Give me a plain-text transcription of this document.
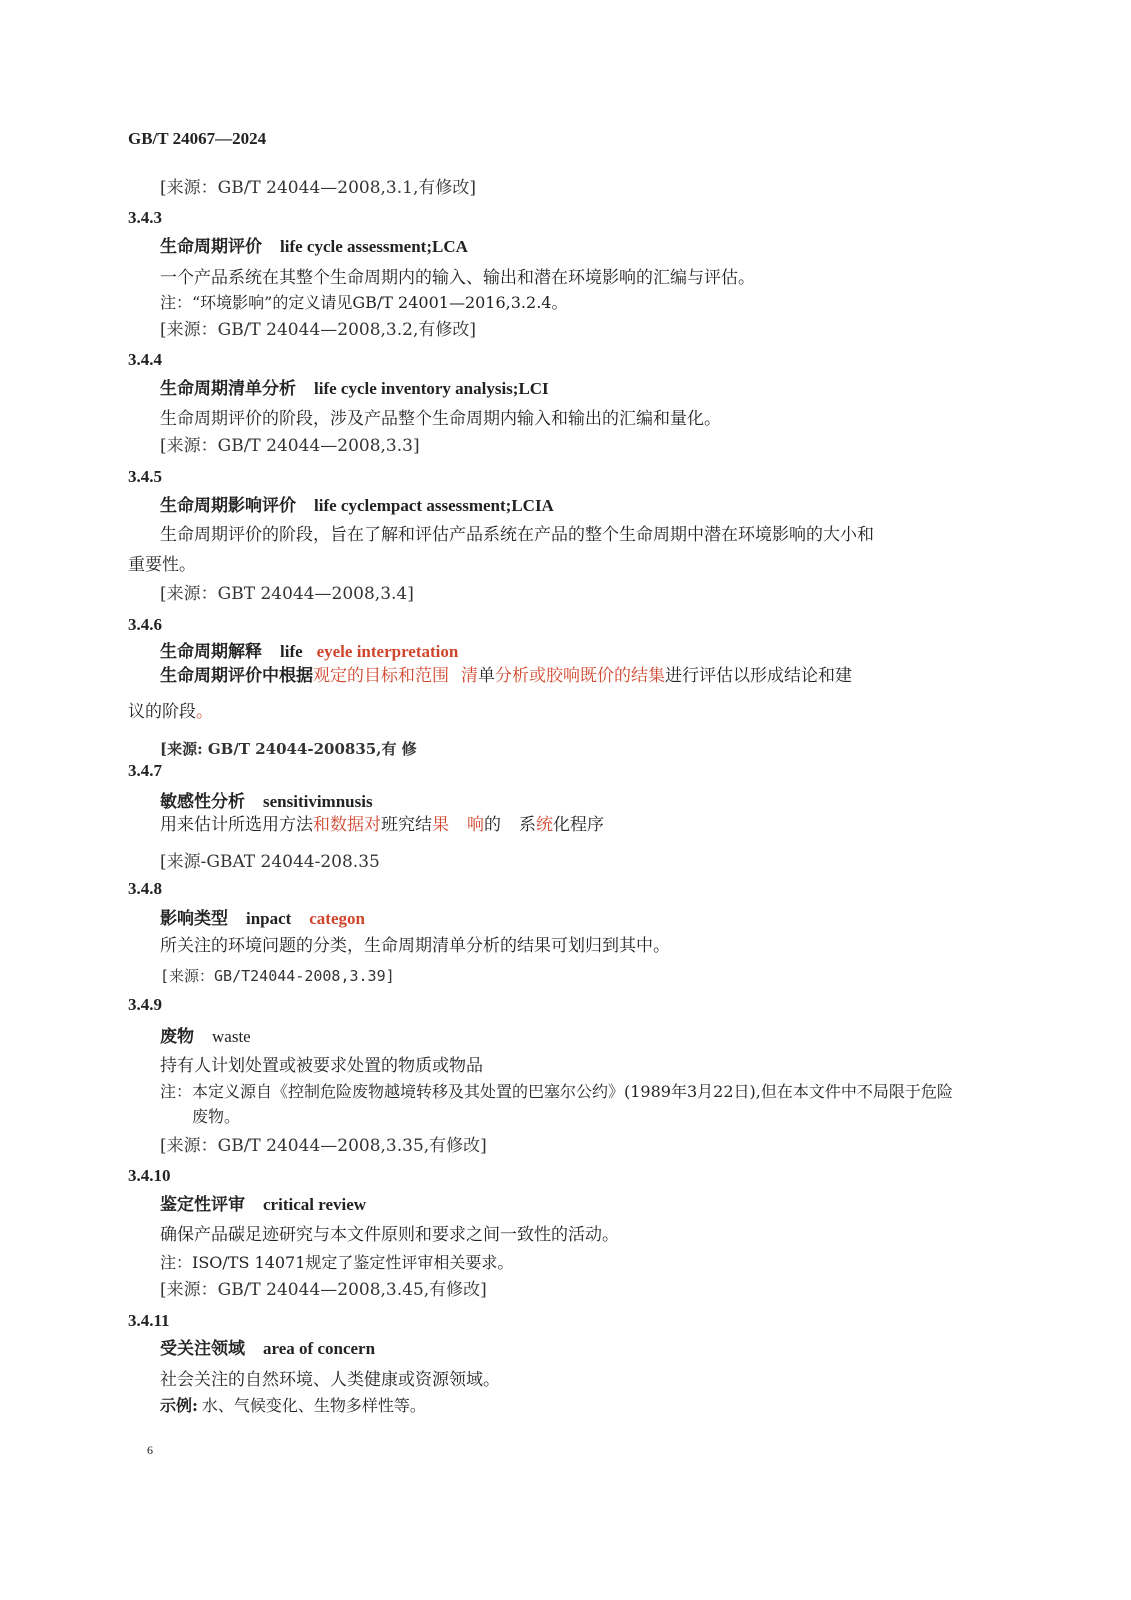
GB/T 24067—2024
[来源：GB/T 24044—2008,3.1,有修改]
3.4.3
生命周期评价 life cycle assessment;LCA
一个产品系统在其整个生命周期内的输入、输出和潜在环境影响的汇编与评估。
注：“环境影响”的定义请见GB/T 24001—2016,3.2.4。
[来源：GB/T 24044—2008,3.2,有修改]
3.4.4
生命周期清单分析 life cycle inventory analysis;LCI
生命周期评价的阶段，涉及产品整个生命周期内输入和输出的汇编和量化。
[来源：GB/T 24044—2008,3.3]
3.4.5
生命周期影响评价 life cyclempact assessment;LCIA
生命周期评价的阶段，旨在了解和评估产品系统在产品的整个生命周期中潜在环境影响的大小和
重要性。
[来源：GBT 24044—2008,3.4]
3.4.6
生命周期解释 life eyele interpretation
生命周期评价中根据观定的目标和范围 清单分析或胶响既价的结集进行评估以形成结论和建
议的阶段。
[来源: GB/T 24044-200835,有 修
3.4.7
敏感性分析 sensitivimnusis
用来估计所选用方法和数据对班究结果 响的 系统化程序
[来源-GBAT 24044-208.35
3.4.8
影响类型 inpact categon
所关注的环境问题的分类，生命周期清单分析的结果可划归到其中。
[来源：GB/T24044-2008,3.39]
3.4.9
废物 waste
持有人计划处置或被要求处置的物质或物品
注：本定义源自《控制危险废物越境转移及其处置的巴塞尔公约》(1989年3月22日),但在本文件中不局限于危险
废物。
[来源：GB/T 24044—2008,3.35,有修改]
3.4.10
鉴定性评审 critical review
确保产品碳足迹研究与本文件原则和要求之间一致性的活动。
注：ISO/TS 14071规定了鉴定性评审相关要求。
[来源：GB/T 24044—2008,3.45,有修改]
3.4.11
受关注领域 area of concern
社会关注的自然环境、人类健康或资源领域。
示例: 水、气候变化、生物多样性等。
6
